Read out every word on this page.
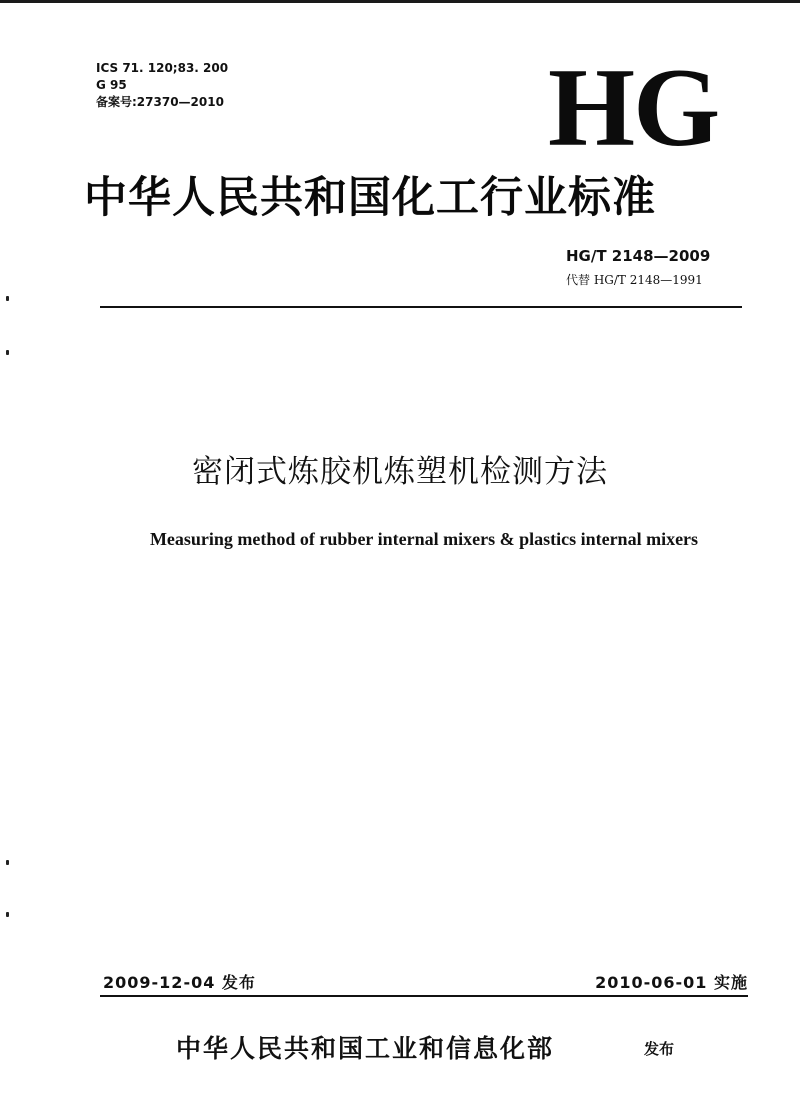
ICS 71. 120;83. 200
G 95
备案号:27370—2010	HG
中华人民共和国化工行业标准
HG/T 2148—2009
代替 HG/T 2148—1991
密闭式炼胶机炼塑机检测方法
Measuring method of rubber internal mixers & plastics internal mixers
2009-12-04 发布	2010-06-01 实施
中华人民共和国工业和信息化部	发布
